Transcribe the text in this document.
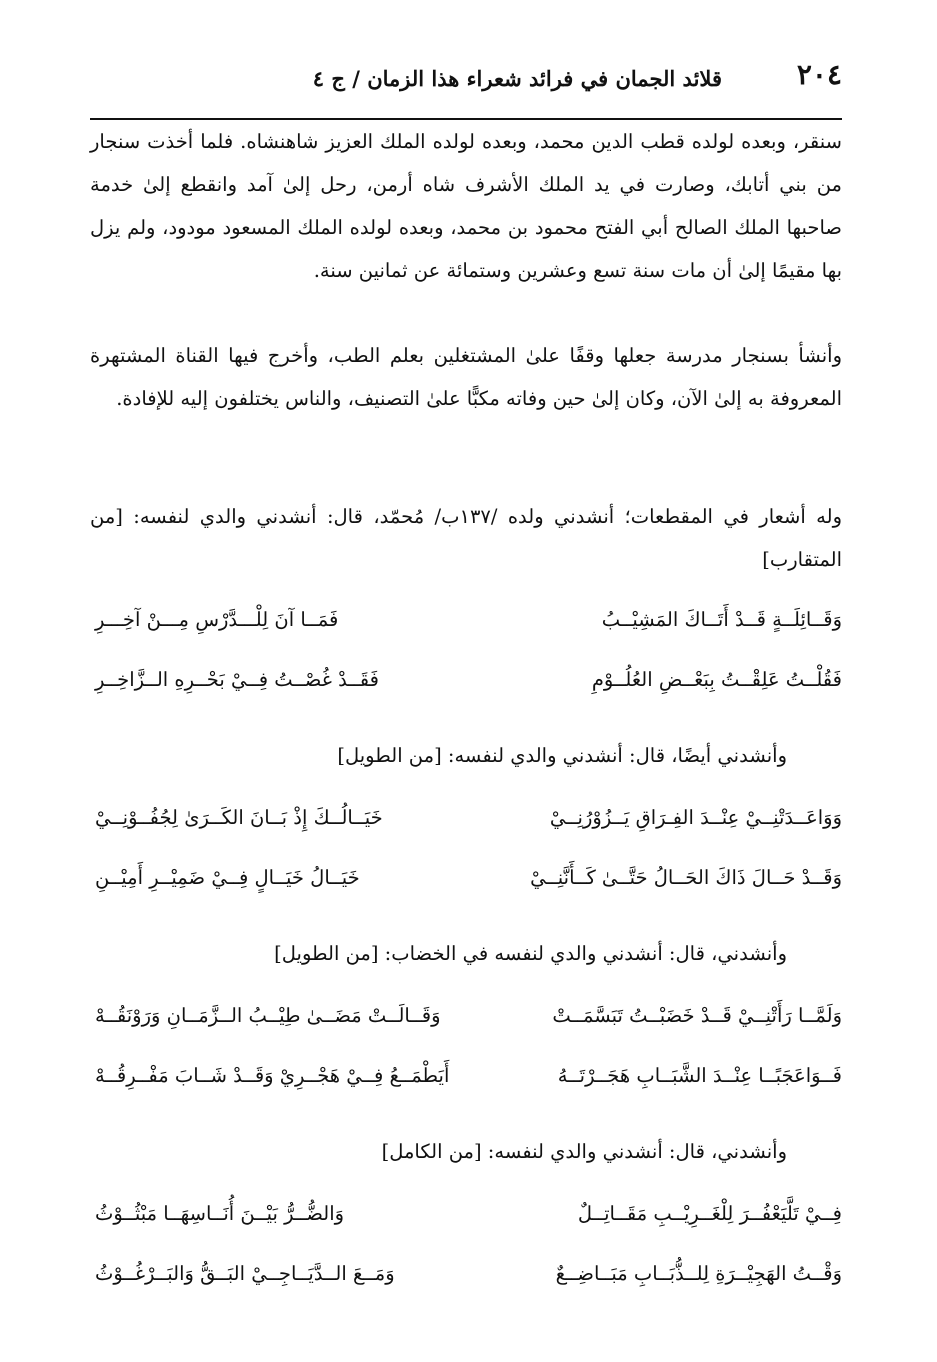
٢٠٤
قلائد الجمان في فرائد شعراء هذا الزمان / ج ٤

سنقر، وبعده لولده قطب الدين محمد، وبعده لولده الملك العزيز شاهنشاه. فلما أخذت سنجار من بني أتابك، وصارت في يد الملك الأشرف شاه أرمن، رحل إلىٰ آمد وانقطع إلىٰ خدمة صاحبها الملك الصالح أبي الفتح محمود بن محمد، وبعده لولده الملك المسعود مودود، ولم يزل بها مقيمًا إلىٰ أن مات سنة تسع وعشرين وستمائة عن ثمانين سنة.

وأنشأ بسنجار مدرسة جعلها وقفًا علىٰ المشتغلين بعلم الطب، وأخرج فيها القناة المشتهرة المعروفة به إلىٰ الآن، وكان إلىٰ حين وفاته مكبًّا علىٰ التصنيف، والناس يختلفون إليه للإفادة.

وله أشعار في المقطعات؛ أنشدني ولده /١٣٧ب/ مُحمّد، قال: أنشدني والدي لنفسه: [من المتقارب]

وَقَــائِلَــةٍ قَــدْ أَتَــاكَ المَشِيْــبُ
فَمَــا آنَ لِلْـــدَّرْسِ مِـــنْ آخِـــرِ
فَقُلْــتُ عَلِقْــتُ بِبَعْــضِ العُلُــوْمِ
فَقَــدْ غُصْــتُ فِــيْ بَحْــرِهِ الــزَّاخِــرِ
وأنشدني أيضًا، قال: أنشدني والدي لنفسه: [من الطويل]
وَوَاعَــدَتْنِــيْ عِنْــدَ الفِـرَاقِ يَــزُوْرُنِــيْ
خَيَــالُــكَ إِذْ بَــانَ الكَــرَىٰ لِجُفُــوْنِــيْ
وَقَــدْ حَــالَ ذَاكَ الحَــالُ حَتَّــىٰ كَــأَنَّنِــيْ
خَيَــالُ خَيَــالٍ فِــيْ ضَمِيْــرِ أَمِيْــنِ
وأنشدني، قال: أنشدني والدي لنفسه في الخضاب: [من الطويل]
وَلَمَّــا رَأَتْنِــيْ قَــدْ خَضَبْــتُ تَبَسَّمَــتْ
وَقَــالَــتْ مَضَــىٰ طِيْــبُ الــزَّمَــانِ وَرَوْنَقُــهْ
فَــوَاعَجَبًــا عِنْــدَ الشَّبَــابِ هَجَــرْتَــهُ
أَيَطْمَــعُ فِــيْ هَجْــرِيْ وَقَــدْ شَــابَ مَفْــرِقُــهْ
وأنشدني، قال: أنشدني والدي لنفسه: [من الكامل]
فِــيْ تَلَّيَعْفُــرَ لِلْغَــرِيْــبِ مَقَــاتِــلٌ
وَالضُّــرُّ بَيْــنَ أُنَــاسِهَــا مَبْثُــوْثُ
وَقْــتُ الهَجِيْــرَةِ لِلــذُّبَــابِ مَبَــاضِــعٌ
وَمَــعَ الــدَّيَــاجِــيْ البَــقُّ وَالبَــرْغُــوْثُ
